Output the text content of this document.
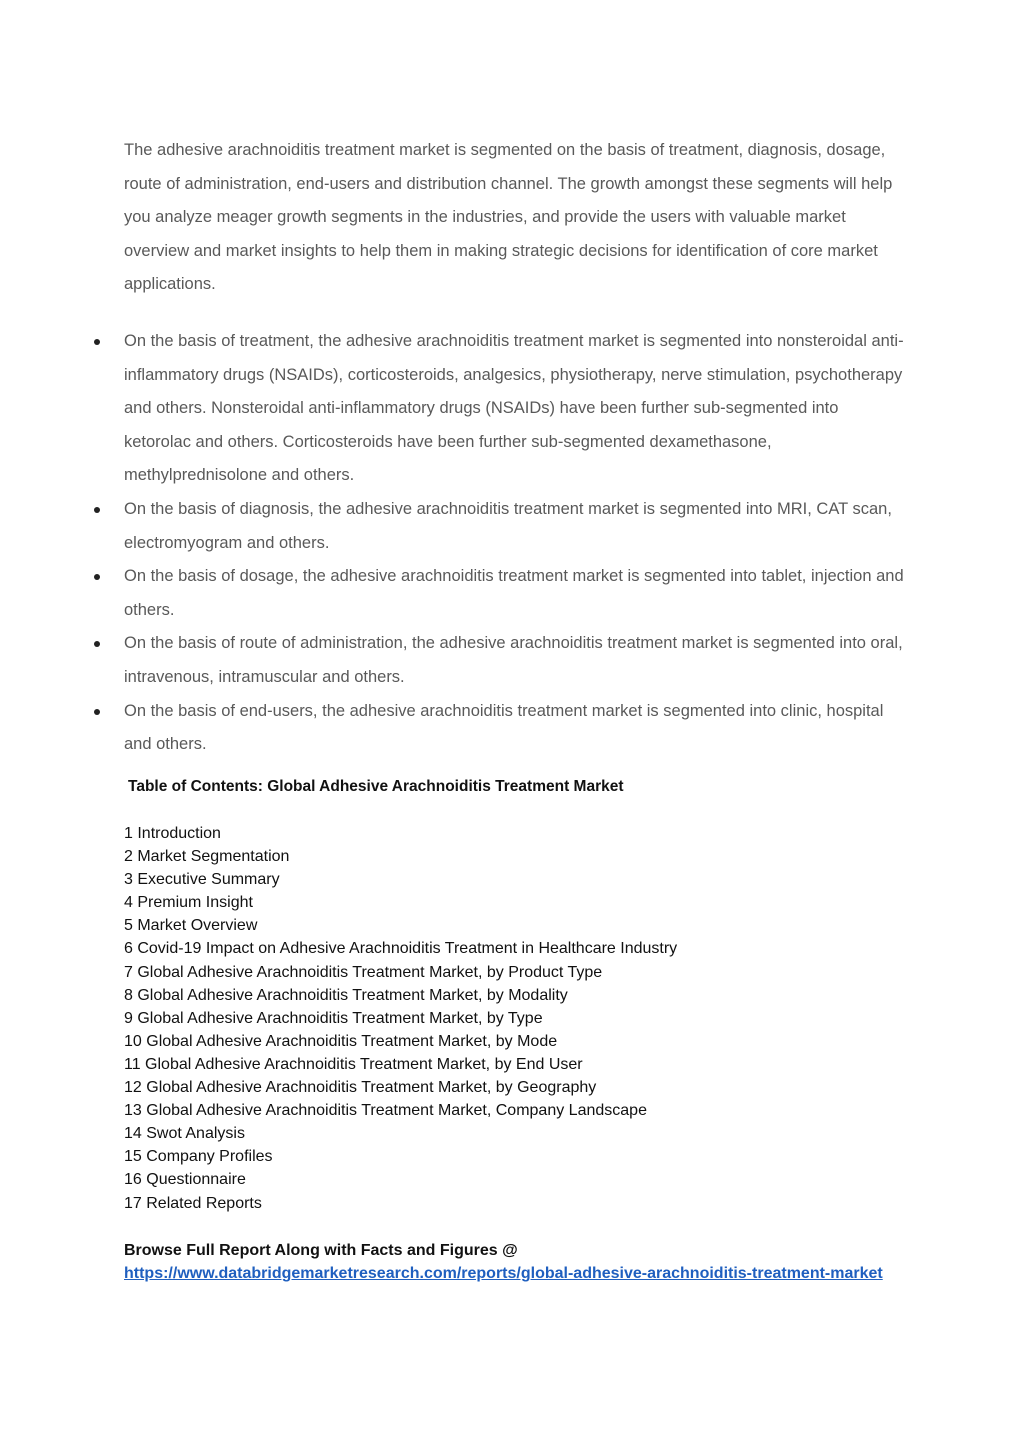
The adhesive arachnoiditis treatment market is segmented on the basis of treatment, diagnosis, dosage, route of administration, end-users and distribution channel. The growth amongst these segments will help you analyze meager growth segments in the industries, and provide the users with valuable market overview and market insights to help them in making strategic decisions for identification of core market applications.

On the basis of treatment, the adhesive arachnoiditis treatment market is segmented into nonsteroidal anti-inflammatory drugs (NSAIDs), corticosteroids, analgesics, physiotherapy, nerve stimulation, psychotherapy and others. Nonsteroidal anti-inflammatory drugs (NSAIDs) have been further sub-segmented into ketorolac and others. Corticosteroids have been further sub-segmented dexamethasone, methylprednisolone and others.
On the basis of diagnosis, the adhesive arachnoiditis treatment market is segmented into MRI, CAT scan, electromyogram and others.
On the basis of dosage, the adhesive arachnoiditis treatment market is segmented into tablet, injection and others.
On the basis of route of administration, the adhesive arachnoiditis treatment market is segmented into oral, intravenous, intramuscular and others.
On the basis of end-users, the adhesive arachnoiditis treatment market is segmented into clinic, hospital and others.
Table of Contents: Global Adhesive Arachnoiditis Treatment Market
1 Introduction
2 Market Segmentation
3 Executive Summary
4 Premium Insight
5 Market Overview
6 Covid-19 Impact on Adhesive Arachnoiditis Treatment in Healthcare Industry
7 Global Adhesive Arachnoiditis Treatment Market, by Product Type
8 Global Adhesive Arachnoiditis Treatment Market, by Modality
9 Global Adhesive Arachnoiditis Treatment Market, by Type
10 Global Adhesive Arachnoiditis Treatment Market, by Mode
11 Global Adhesive Arachnoiditis Treatment Market, by End User
12 Global Adhesive Arachnoiditis Treatment Market, by Geography
13 Global Adhesive Arachnoiditis Treatment Market, Company Landscape
14 Swot Analysis
15 Company Profiles
16 Questionnaire
17 Related Reports
Browse Full Report Along with Facts and Figures @
https://www.databridgemarketresearch.com/reports/global-adhesive-arachnoiditis-treatment-market
